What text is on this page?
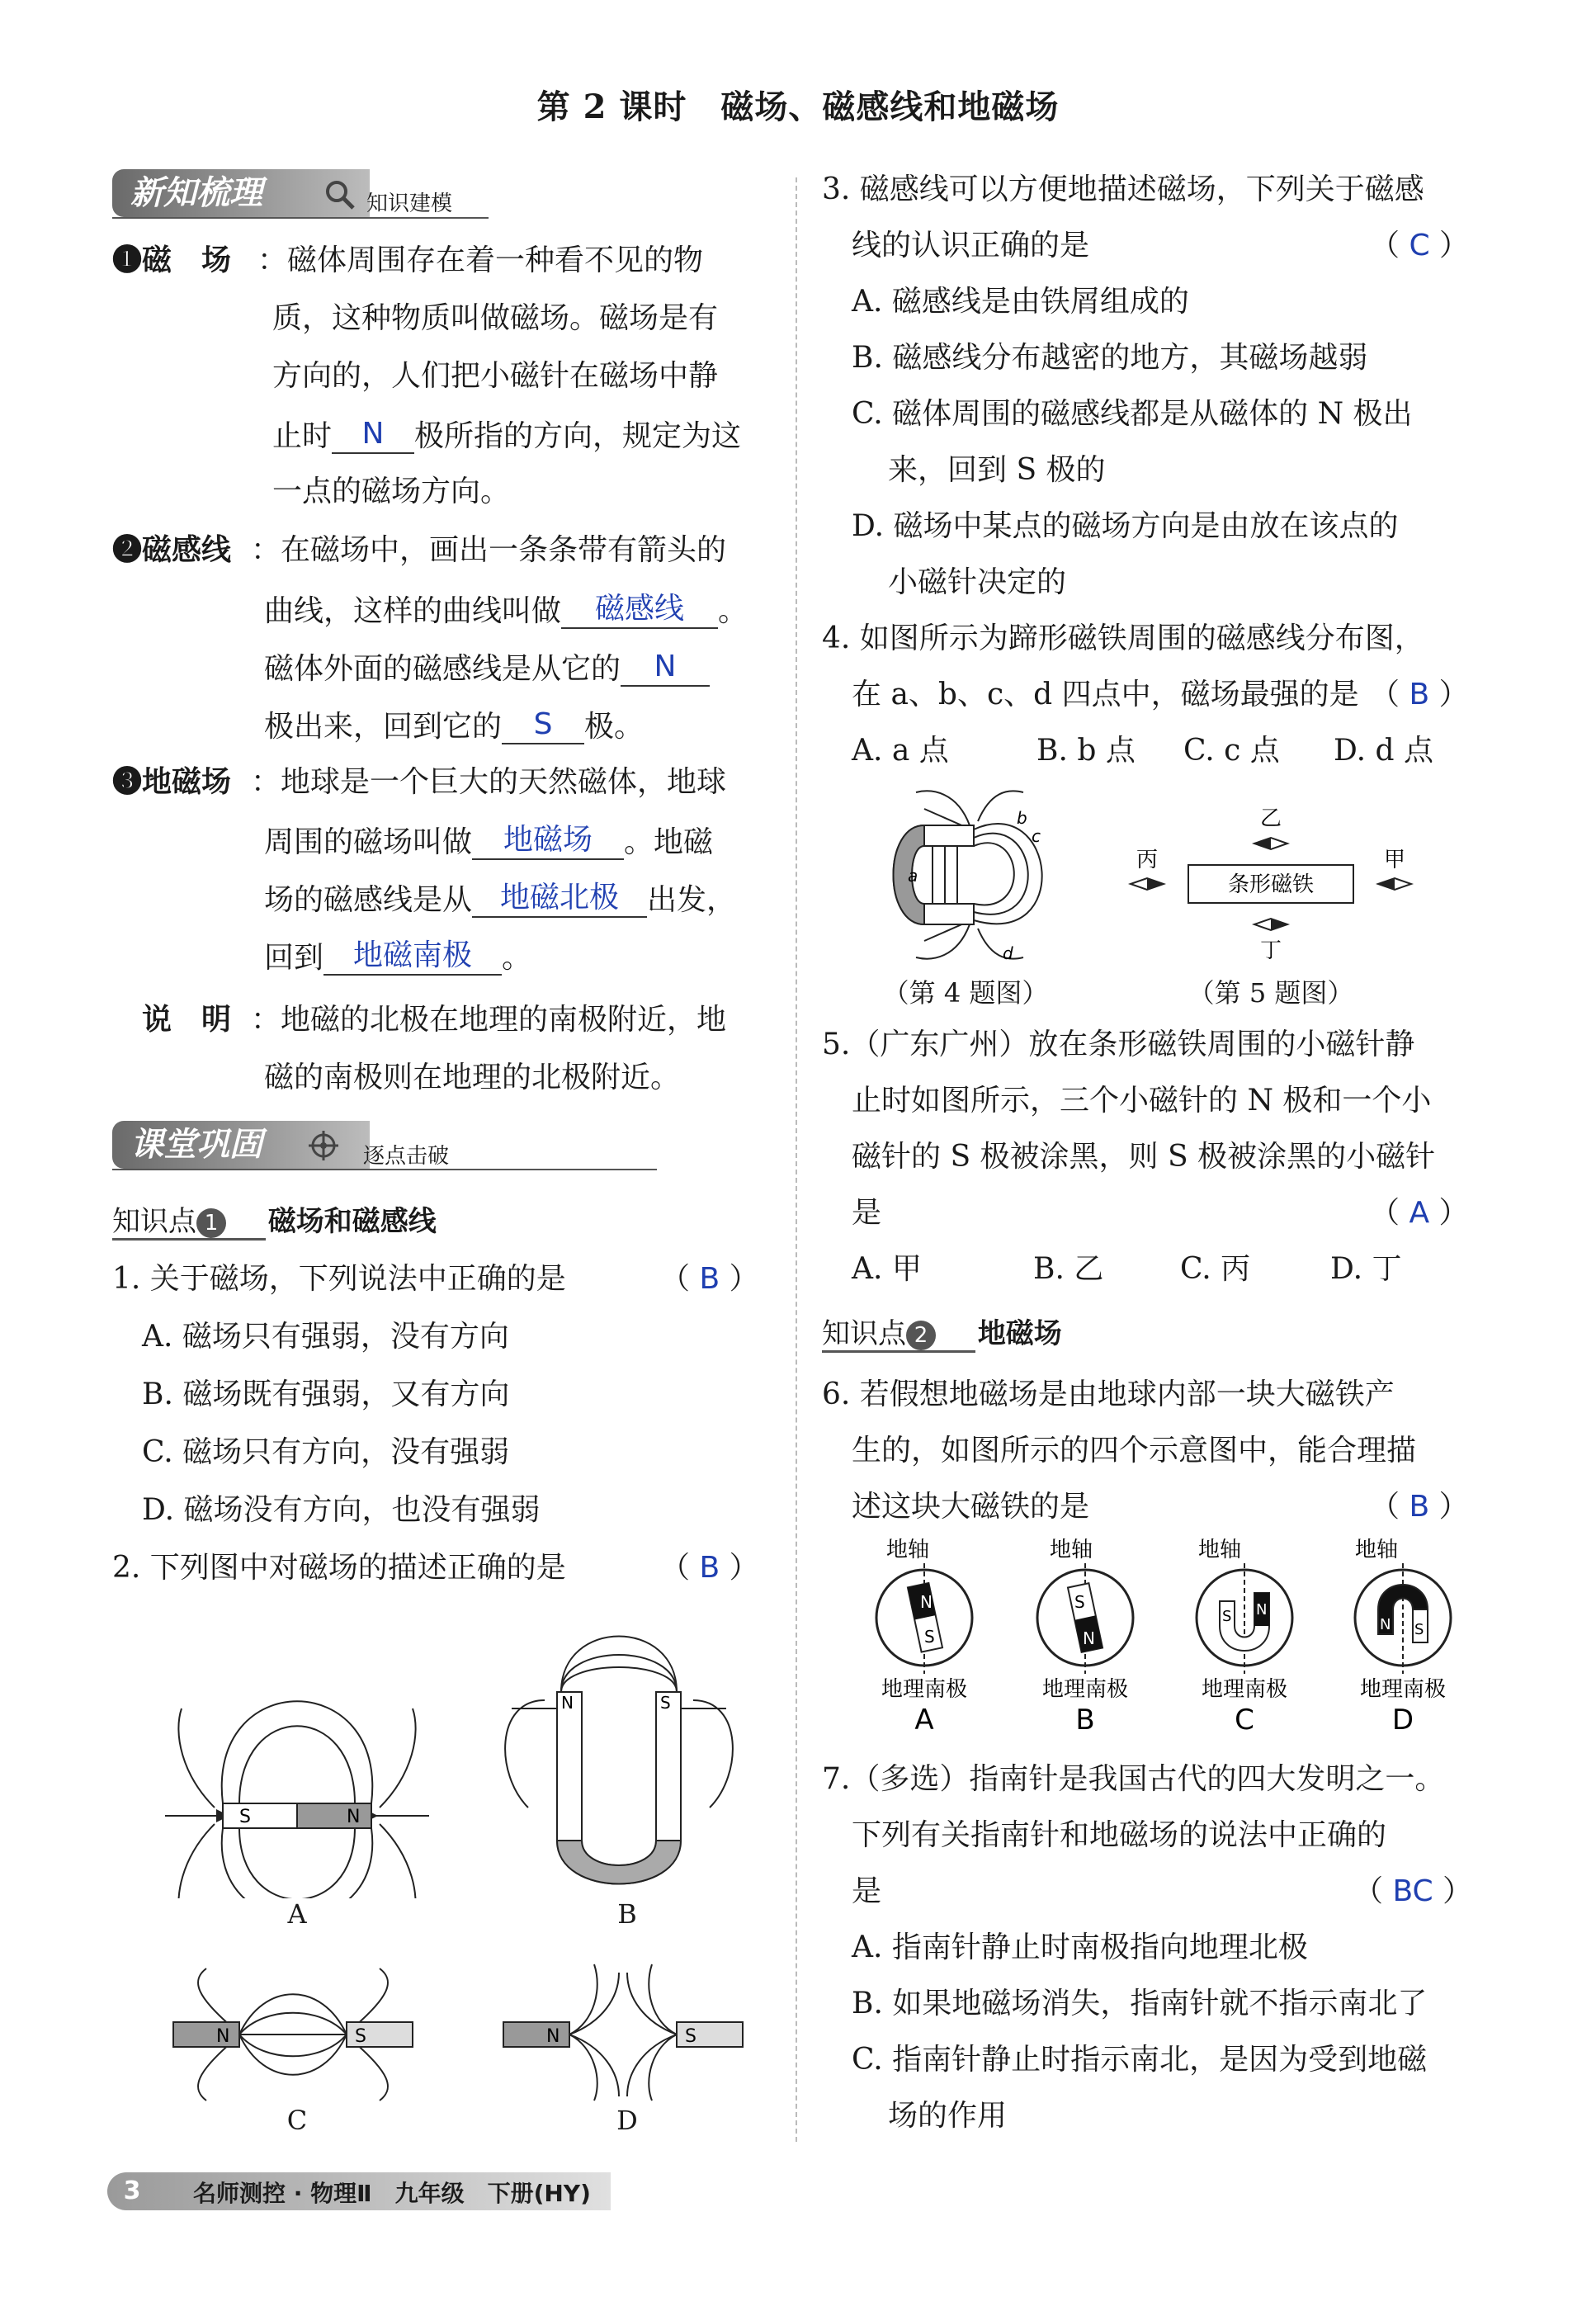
第 2 课时　磁场、磁感线和地磁场
新知梳理	知识建模
❶磁　场 ：磁体周围存在着一种看不见的物
质，这种物质叫做磁场。磁场是有
方向的，人们把小磁针在磁场中静
止时 N 极所指的方向，规定为这
一点的磁场方向。
❷磁感线 ：在磁场中，画出一条条带有箭头的
曲线，这样的曲线叫做 磁感线 。
磁体外面的磁感线是从它的 N
极出来，回到它的 S 极。
❸地磁场 ：地球是一个巨大的天然磁体，地球
周围的磁场叫做 地磁场 。地磁
场的磁感线是从 地磁北极 出发，
回到 地磁南极 。
说　明 ：地磁的北极在地理的南极附近，地
磁的南极则在地理的北极附近。
课堂巩固	逐点击破
知识点 1 磁场和磁感线
1. 关于磁场，下列说法中正确的是	（ B ）
A. 磁场只有强弱，没有方向
B. 磁场既有强弱，又有方向
C. 磁场只有方向，没有强弱
D. 磁场没有方向，也没有强弱
2. 下列图中对磁场的描述正确的是	（ B ）
S	N
A
N	S
B
N	S
C
N	S
D
3. 磁感线可以方便地描述磁场，下列关于磁感
线的认识正确的是	（ C ）
A. 磁感线是由铁屑组成的
B. 磁感线分布越密的地方，其磁场越弱
C. 磁体周围的磁感线都是从磁体的 N 极出
来，回到 S 极的
D. 磁场中某点的磁场方向是由放在该点的
小磁针决定的
4. 如图所示为蹄形磁铁周围的磁感线分布图，
在 a、b、c、d 四点中，磁场最强的是 （ B ）
A. a 点	B. b 点 C. c 点 D. d 点
a
b
c
d
（第 4 题图）
条形磁铁
乙
丁
丙	甲
（第 5 题图）
5.（广东广州）放在条形磁铁周围的小磁针静
止时如图所示，三个小磁针的 N 极和一个小
磁针的 S 极被涂黑，则 S 极被涂黑的小磁针
是	（ A ）
A. 甲	B. 乙	C. 丙	D. 丁
知识点 2 地磁场
6. 若假想地磁场是由地球内部一块大磁铁产
生的，如图所示的四个示意图中，能合理描
述这块大磁铁的是	（ B ）
地轴	地轴	地轴	地轴
地理南极	地理南极	地理南极	地理南极
A	B	C	D
N
S
S
N
S N
N S
7.（多选）指南针是我国古代的四大发明之一。
下列有关指南针和地磁场的说法中正确的
是	（ BC ）
A. 指南针静止时南极指向地理北极
B. 如果地磁场消失，指南针就不指示南北了
C. 指南针静止时指示南北，是因为受到地磁
场的作用
3	名师测控 · 物理Ⅱ　九年级　下册(HY)
